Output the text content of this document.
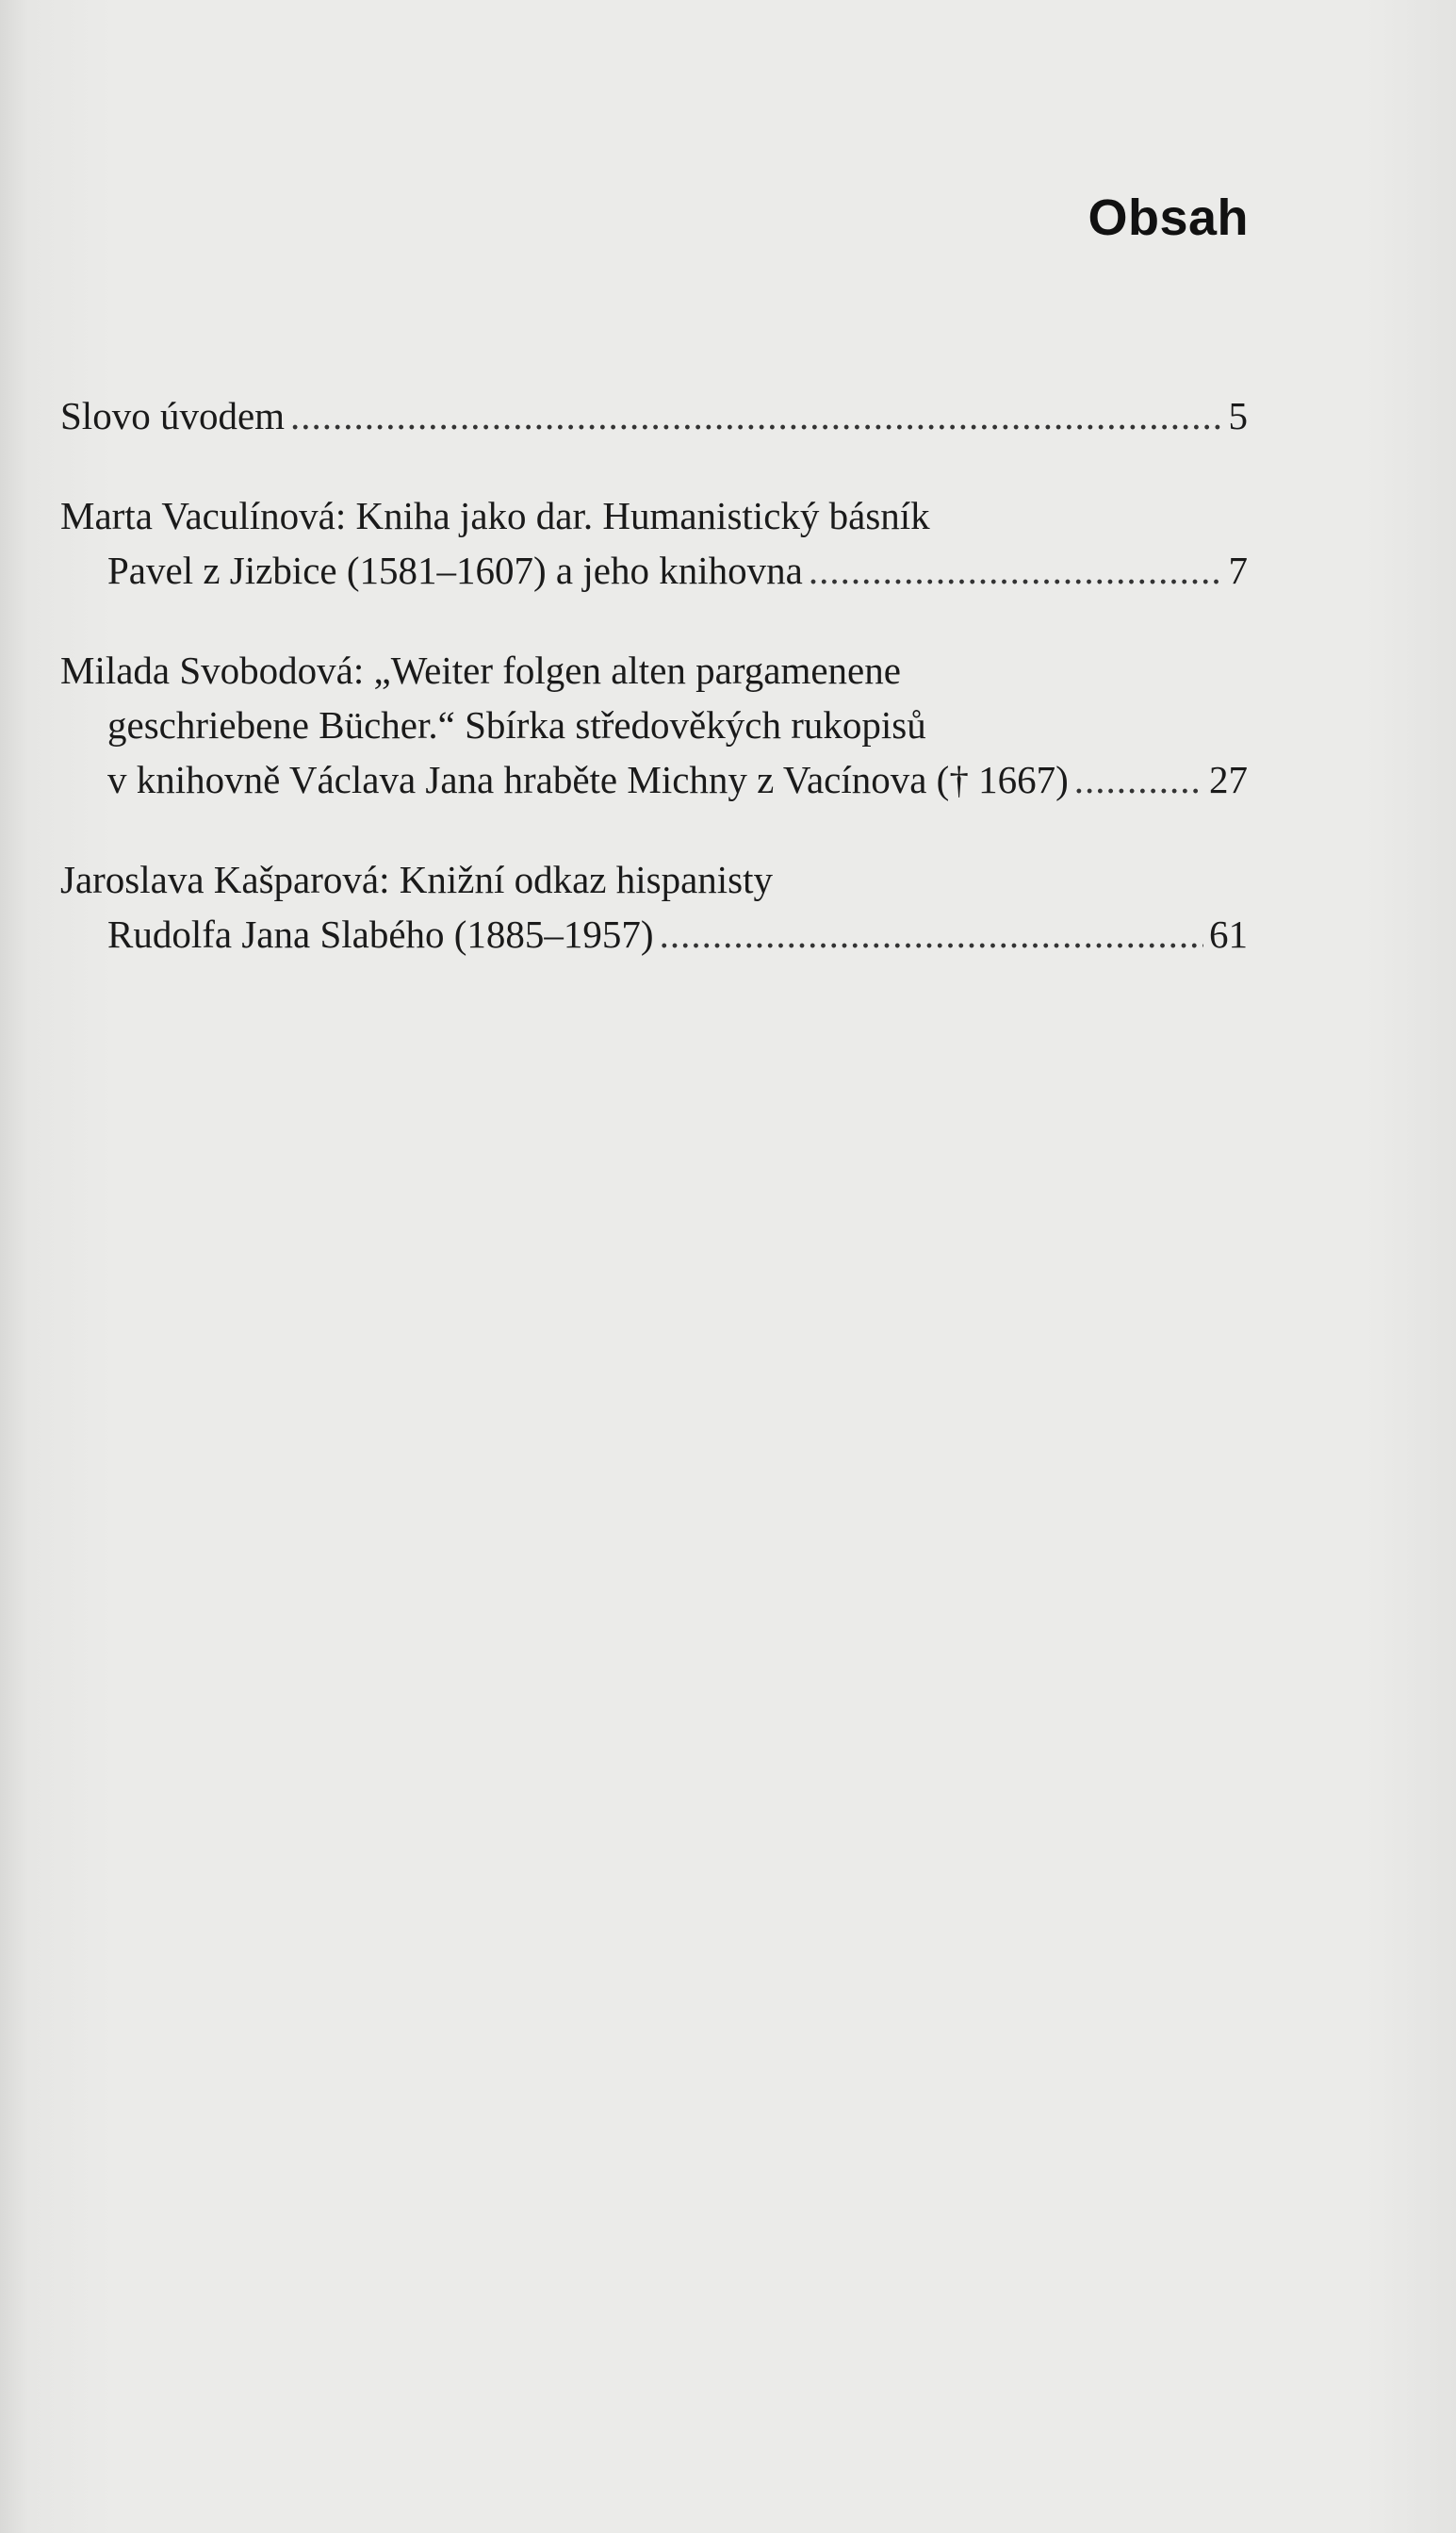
Obsah
Slovo úvodem .....	5
Marta Vaculínová: Kniha jako dar. Humanistický básník
Pavel z Jizbice (1581–1607) a jeho knihovna .....	7
Milada Svobodová: „Weiter folgen alten pargamenene
geschriebene Bücher.“ Sbírka středověkých rukopisů
v knihovně Václava Jana hraběte Michny z Vacínova († 1667) .....	27
Jaroslava Kašparová: Knižní odkaz hispanisty
Rudolfa Jana Slabého (1885–1957) .....	61
